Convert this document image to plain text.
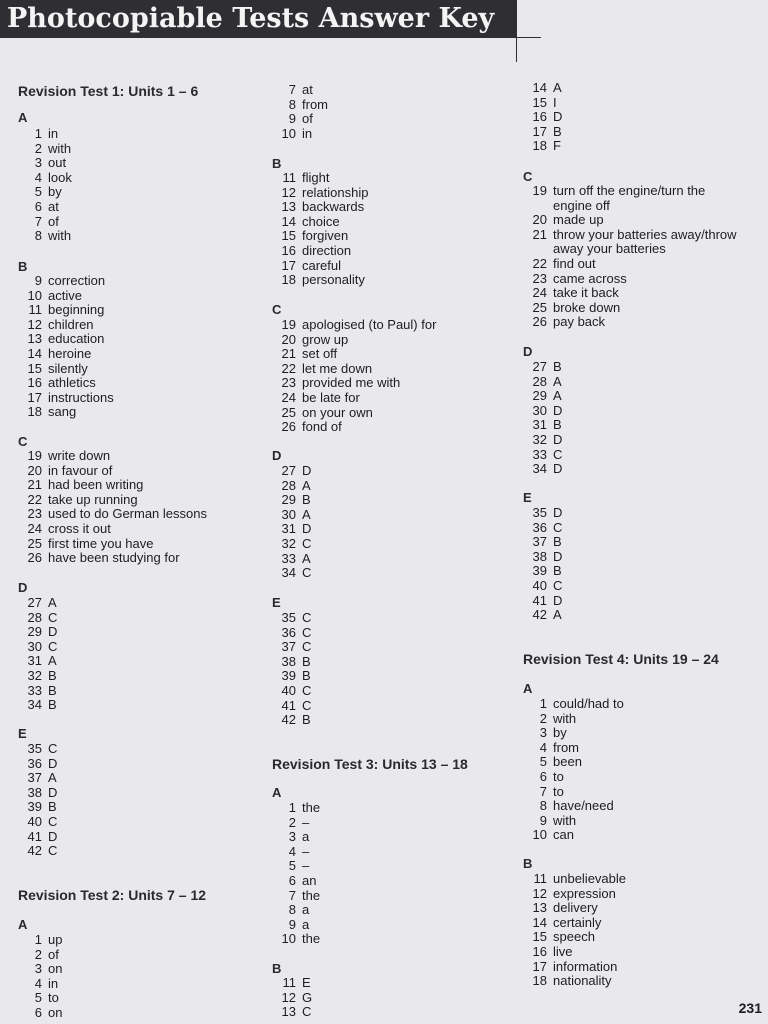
Photocopiable Tests Answer Key
Revision Test 1: Units 1 – 6
A
1 in
2 with
3 out
4 look
5 by
6 at
7 of
8 with
B
9 correction
10 active
11 beginning
12 children
13 education
14 heroine
15 silently
16 athletics
17 instructions
18 sang
C
19 write down
20 in favour of
21 had been writing
22 take up running
23 used to do German lessons
24 cross it out
25 first time you have
26 have been studying for
D
27 A
28 C
29 D
30 C
31 A
32 B
33 B
34 B
E
35 C
36 D
37 A
38 D
39 B
40 C
41 D
42 C
Revision Test 2: Units 7 – 12
A
1 up
2 of
3 on
4 in
5 to
6 on
7 at
8 from
9 of
10 in
B
11 flight
12 relationship
13 backwards
14 choice
15 forgiven
16 direction
17 careful
18 personality
C
19 apologised (to Paul) for
20 grow up
21 set off
22 let me down
23 provided me with
24 be late for
25 on your own
26 fond of
D
27 D
28 A
29 B
30 A
31 D
32 C
33 A
34 C
E
35 C
36 C
37 C
38 B
39 B
40 C
41 C
42 B
Revision Test 3: Units 13 – 18
A
1 the
2 –
3 a
4 –
5 –
6 an
7 the
8 a
9 a
10 the
B
11 E
12 G
13 C
14 A
15 I
16 D
17 B
18 F
C
19 turn off the engine/turn the
engine off
20 made up
21 throw your batteries away/throw
away your batteries
22 find out
23 came across
24 take it back
25 broke down
26 pay back
D
27 B
28 A
29 A
30 D
31 B
32 D
33 C
34 D
E
35 D
36 C
37 B
38 D
39 B
40 C
41 D
42 A
Revision Test 4: Units 19 – 24
A
1 could/had to
2 with
3 by
4 from
5 been
6 to
7 to
8 have/need
9 with
10 can
B
11 unbelievable
12 expression
13 delivery
14 certainly
15 speech
16 live
17 information
18 nationality
231
